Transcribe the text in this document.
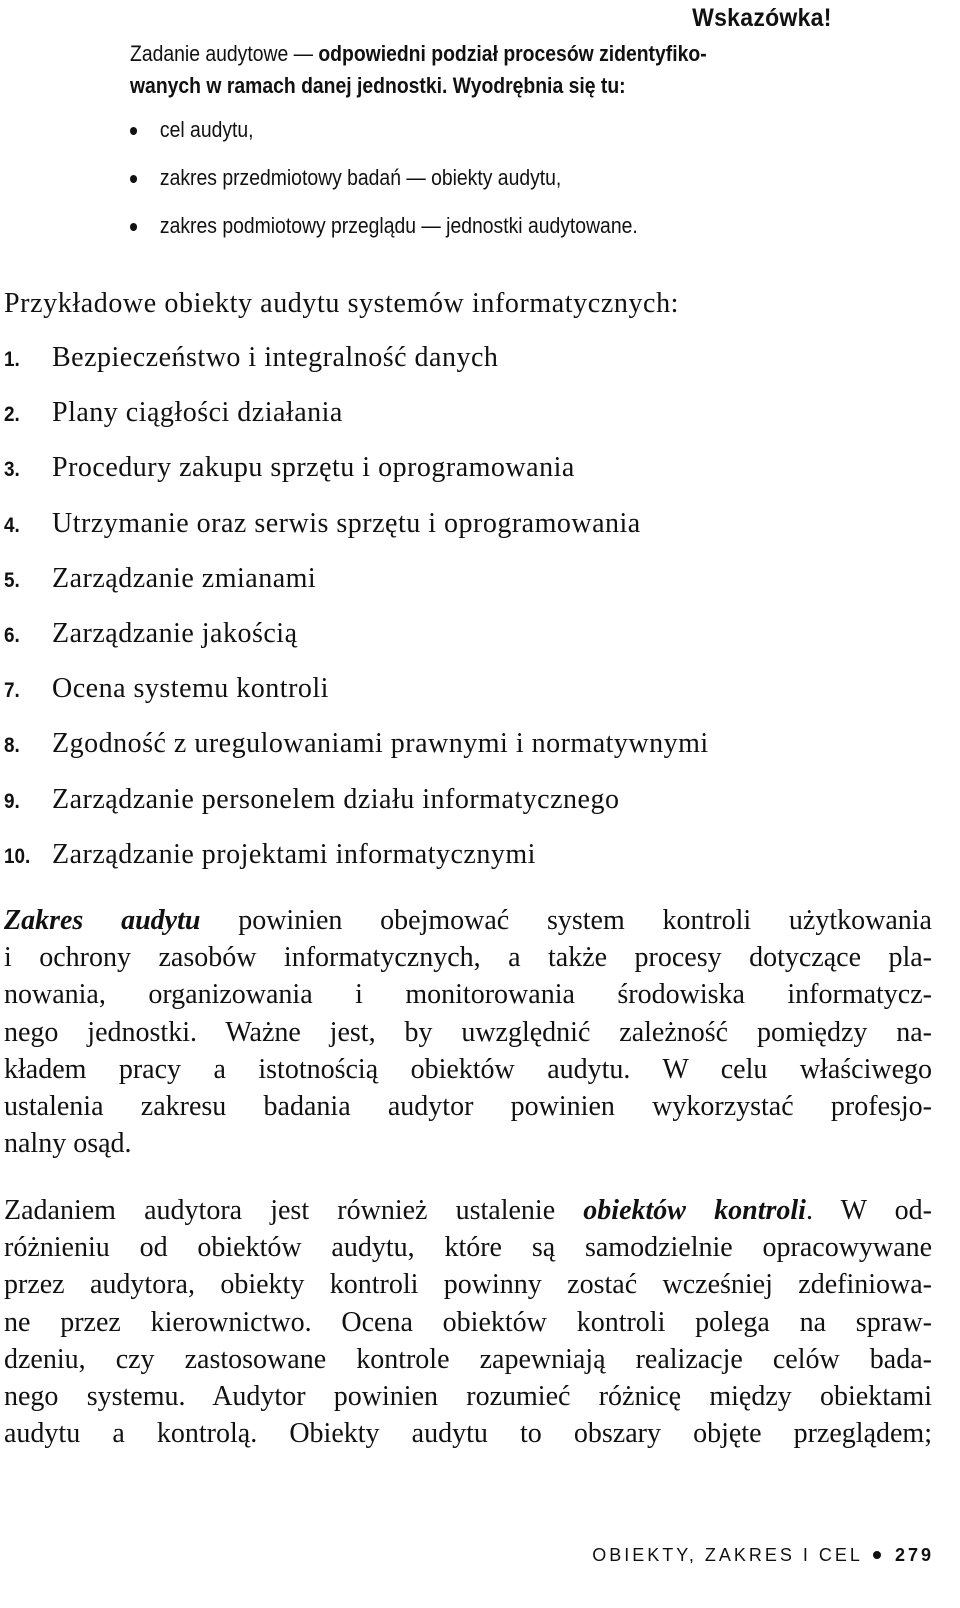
Wskazówka!

Zadanie audytowe — odpowiedni podział procesów zidentyfiko-
wanych w ramach danej jednostki. Wyodrębnia się tu:

cel audytu,
zakres przedmiotowy badań — obiekty audytu,
zakres podmiotowy przeglądu — jednostki audytowane.
Przykładowe obiekty audytu systemów informatycznych:
1. Bezpieczeństwo i integralność danych
2. Plany ciągłości działania
3. Procedury zakupu sprzętu i oprogramowania
4. Utrzymanie oraz serwis sprzętu i oprogramowania
5. Zarządzanie zmianami
6. Zarządzanie jakością
7. Ocena systemu kontroli
8. Zgodność z uregulowaniami prawnymi i normatywnymi
9. Zarządzanie personelem działu informatycznego
10. Zarządzanie projektami informatycznymi
Zakres audytu powinien obejmować system kontroli użytkowania
i ochrony zasobów informatycznych, a także procesy dotyczące pla-
nowania, organizowania i monitorowania środowiska informatycz-
nego jednostki. Ważne jest, by uwzględnić zależność pomiędzy na-
kładem pracy a istotnością obiektów audytu. W celu właściwego
ustalenia zakresu badania audytor powinien wykorzystać profesjo-
nalny osąd.
Zadaniem audytora jest również ustalenie obiektów kontroli. W od-
różnieniu od obiektów audytu, które są samodzielnie opracowywane
przez audytora, obiekty kontroli powinny zostać wcześniej zdefiniowa-
ne przez kierownictwo. Ocena obiektów kontroli polega na spraw-
dzeniu, czy zastosowane kontrole zapewniają realizacje celów bada-
nego systemu. Audytor powinien rozumieć różnicę między obiektami
audytu a kontrolą. Obiekty audytu to obszary objęte przeglądem;
OBIEKTY, ZAKRES I CEL 279
